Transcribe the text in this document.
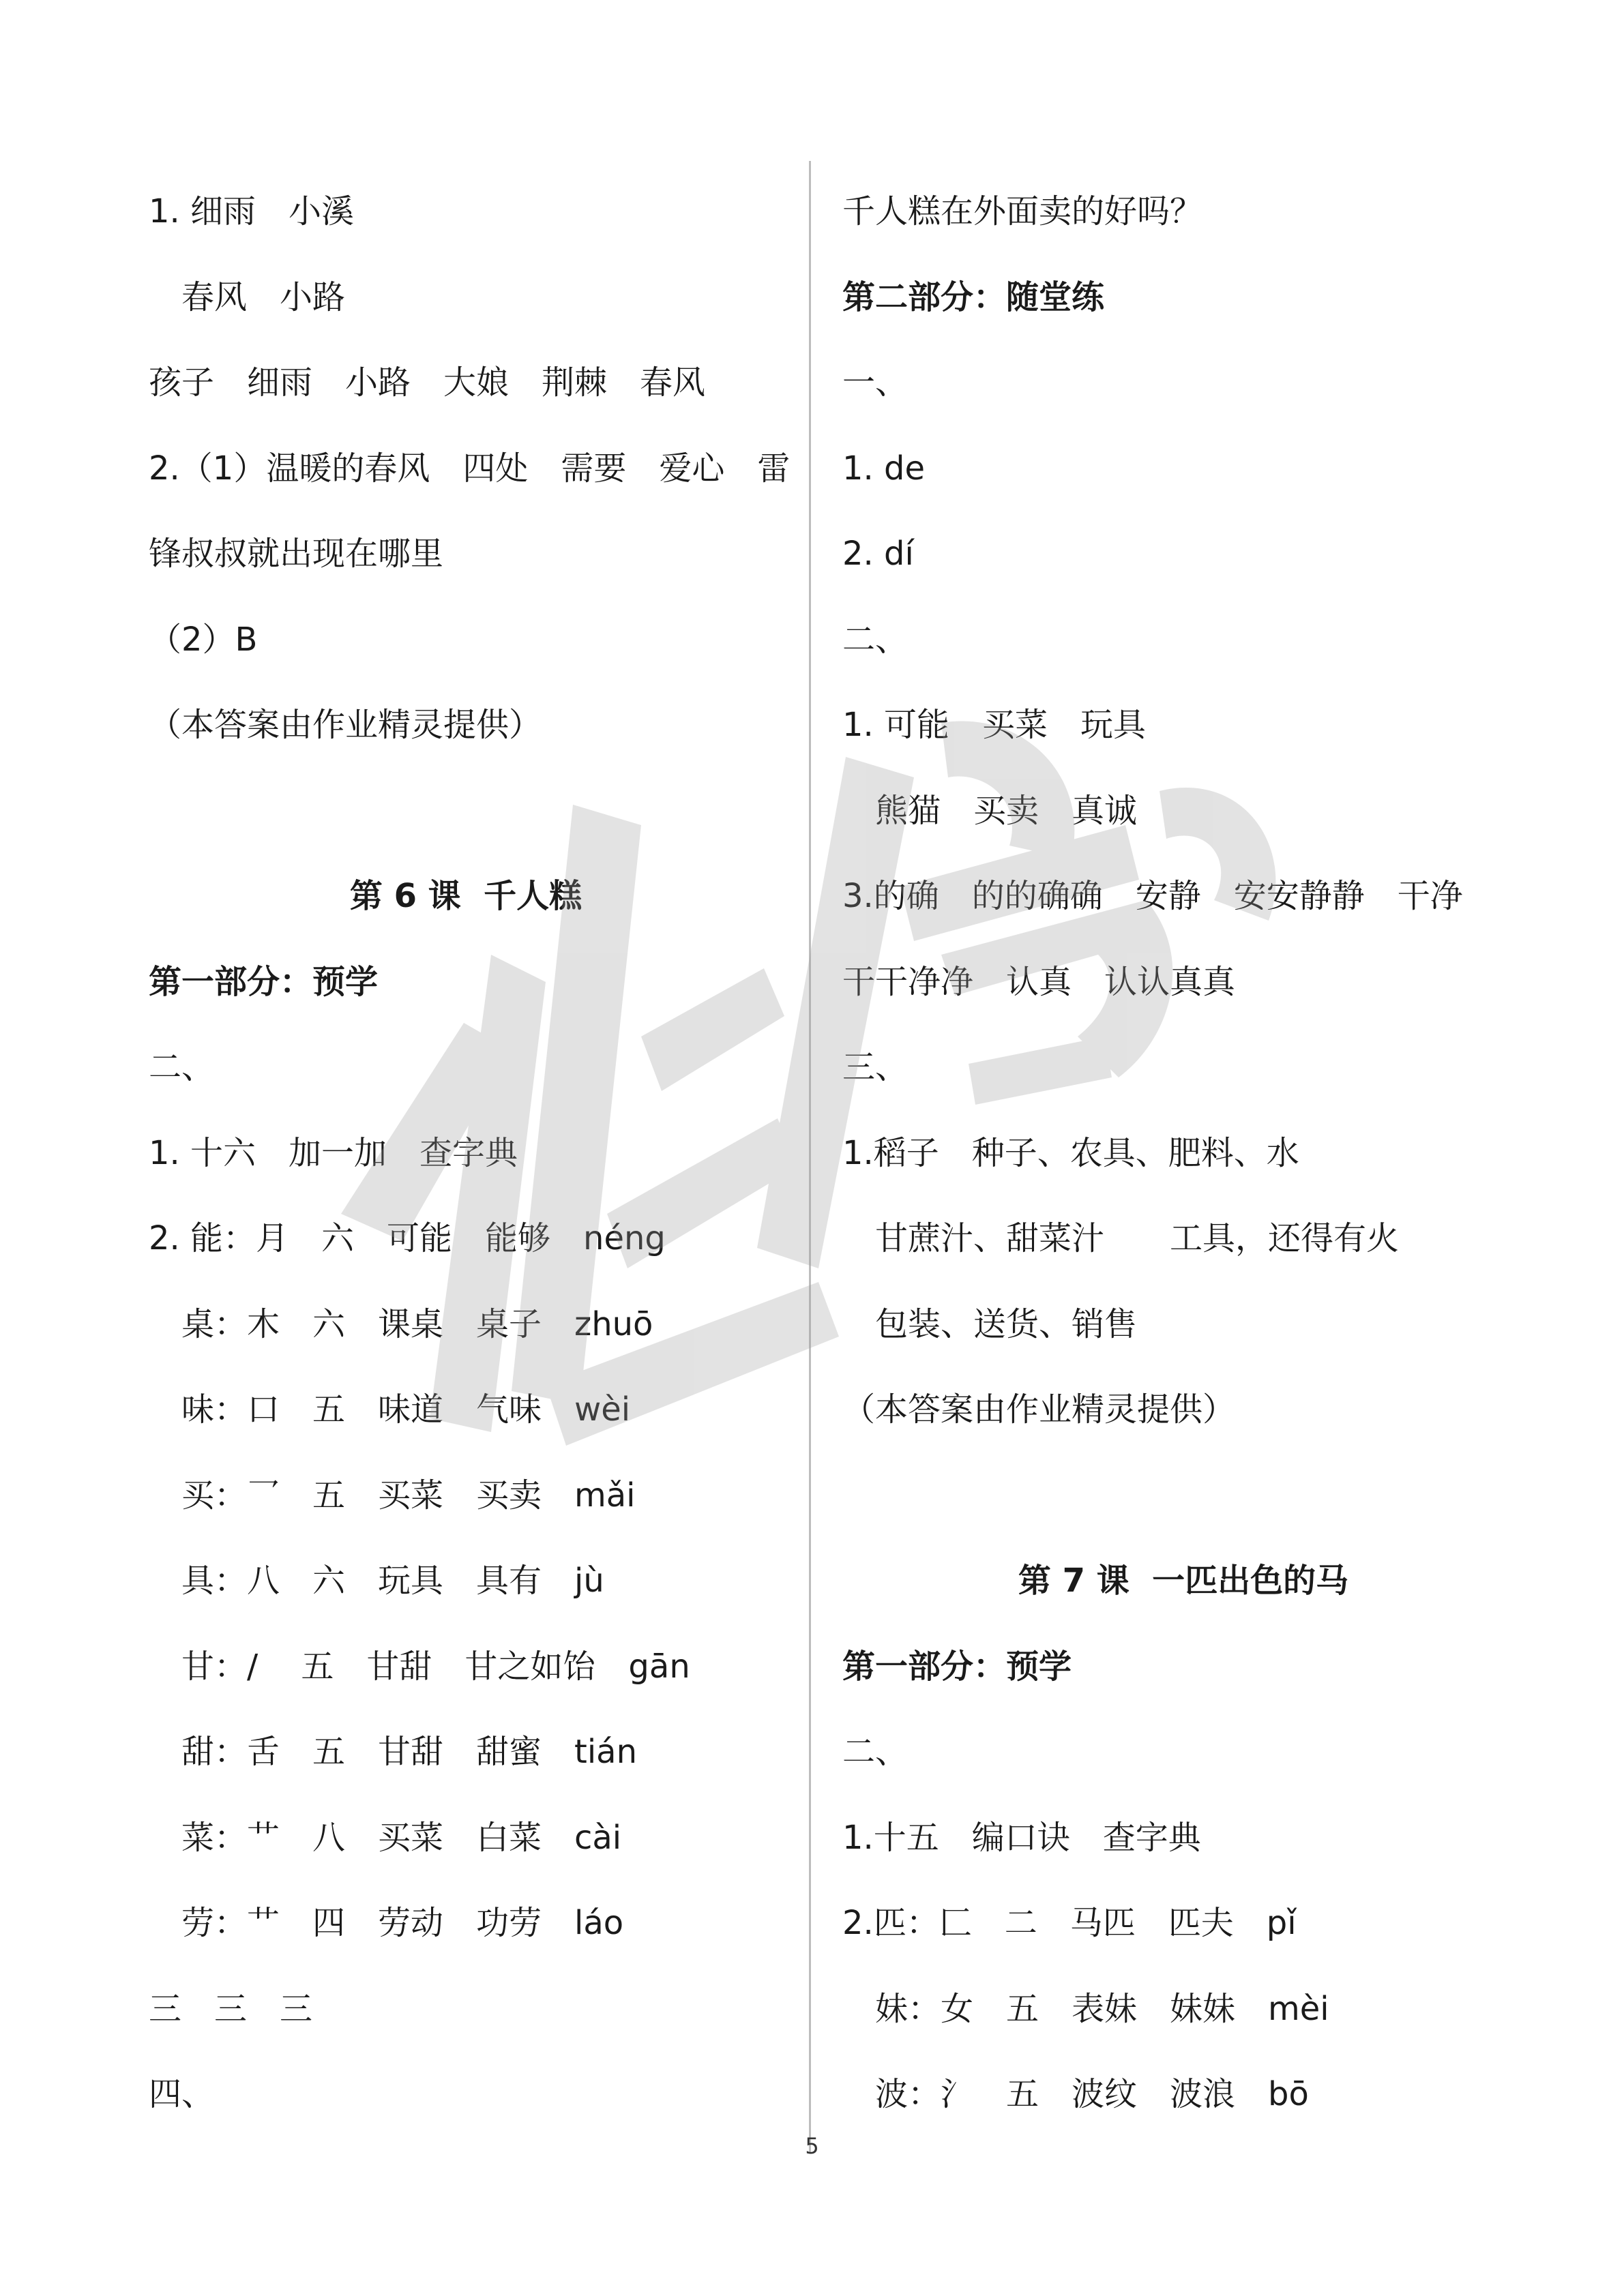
1. 细雨　小溪
　春风　小路
孩子　细雨　小路　大娘　荆棘　春风
2.（1）温暖的春风　四处　需要　爱心　雷
锋叔叔就出现在哪里
（2）B
（本答案由作业精灵提供）
第 6 课  千人糕
第一部分：预学
二、
1. 十六　加一加　查字典
2. 能：月　六　可能　能够　néng
　桌：木　六　课桌　桌子　zhuō
　味：口　五　味道　气味　wèi
　买：乛　五　买菜　买卖　mǎi
　具：八　六　玩具　具有　jù
　甘：/　 五　甘甜　甘之如饴　gān
　甜：舌　五　甘甜　甜蜜　tián
　菜：艹　八　买菜　白菜　cài
　劳：艹　四　劳动　功劳　láo
三　三　三
四、
千人糕在外面卖的好吗？
第二部分：随堂练
一、
1. de
2. dí
二、
1. 可能　买菜　玩具
　熊猫　买卖　真诚
3.的确　的的确确　安静　安安静静　干净
干干净净　认真　认认真真
三、
1.稻子　种子、农具、肥料、水
　甘蔗汁、甜菜汁　　工具，还得有火
　包装、送货、销售
（本答案由作业精灵提供）
第 7 课  一匹出色的马
第一部分：预学
二、
1.十五　编口诀　查字典
2.匹：匚　二　马匹　匹夫　pǐ
　妹：女　五　表妹　妹妹　mèi
　波：氵　五　波纹　波浪　bō
5
